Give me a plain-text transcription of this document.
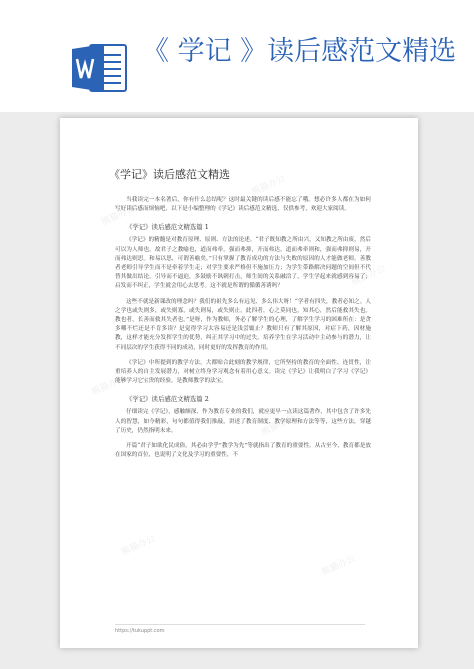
《 学记 》读后感范文精选
熊猫办公
熊猫办公
熊猫办公
熊猫办公
熊猫办公
熊猫办公
熊猫办公
《学记》读后感范文精选

当我读完一本名著后，你有什么总结呢？这时最关键的读后感不能忘了哦。想必许多人都在为如何写好读后感而烦恼吧，以下是小编整理的《学记》读后感范文精选，仅供参考，欢迎大家阅读。

《学记》读后感范文精选篇 1

《学记》的精髓是对教育原理、原则、方法的论述。“君子既知教之所由兴，又知教之所由废，然后可以为人师也。故君子之教喻也，道而弗牵，强而弗抑，开而弗达。道而弗牵则和，强而弗抑则易，开而弗达则思。和易以思，可谓善喻矣。”只有掌握了教育成功的方法与失败的原因的人才能做老师。善教者老师引导学生而不是牵着学生走；对学生要求严格但不施加压力；为学生带路解决问题的空间但不代替其做出结论。引导而不逼迫，多鼓励不讽刺打击，师生间的关系融洽了，学生学起来就感到容易了；启发而不纠正，学生就会用心去思考。这不就是所谓的循循善诱吗？

这些不就是新课改的理念吗？我们的祖先多么有远见、多么伟大呀！“学者有四失，教者必知之。人之学也或失则多，或失则寡，或失则易，或失则止。此四者，心之莫同也。知其心，然后能救其失也。教也者，长善而救其失者也。”是呀，作为教师，务必了解学生的心理，了解学生学习的困难所在：是贪多嚼不烂还是不肯多读？是觉得学习太容易还是浅尝辄止？教师只有了解其原因，对症下药，因材施教，这样才能充分发挥学生的优势，纠正其学习中的过失。培养学生在学习活动中主动参与的潜力，让不同层次的学生获得不同的成功，同时更好的发挥教育的作用。

《学记》中所提到的教学方法，大都贴合此刻的教学规律，它所坚持的教育的全面性、连贯性，注重培养人的自主发展潜力，对树立终身学习观念有着用心意义。读完《学记》让我明白了学习《学记》能够学习它宝贵的经验，是教师教学的法宝。

《学记》读后感范文精选篇 2

仔细读完《学记》，感触颇深，作为教育专业的我们，就应更早一点读这篇著作，其中包含了许多先人的智慧，如今精彩，句句都值得我们推敲，讲述了教育制度、教学原理和方法等等，这些方法，穿越了历史，仍然指明未来。

开篇“君子如欲化民成俗，其必由学乎”教学为先”等就指出了教育的重要性。从古至今，教育都是放在国家的首位，也说明了文化及学习的重要性，不

https://tukuppt.com
